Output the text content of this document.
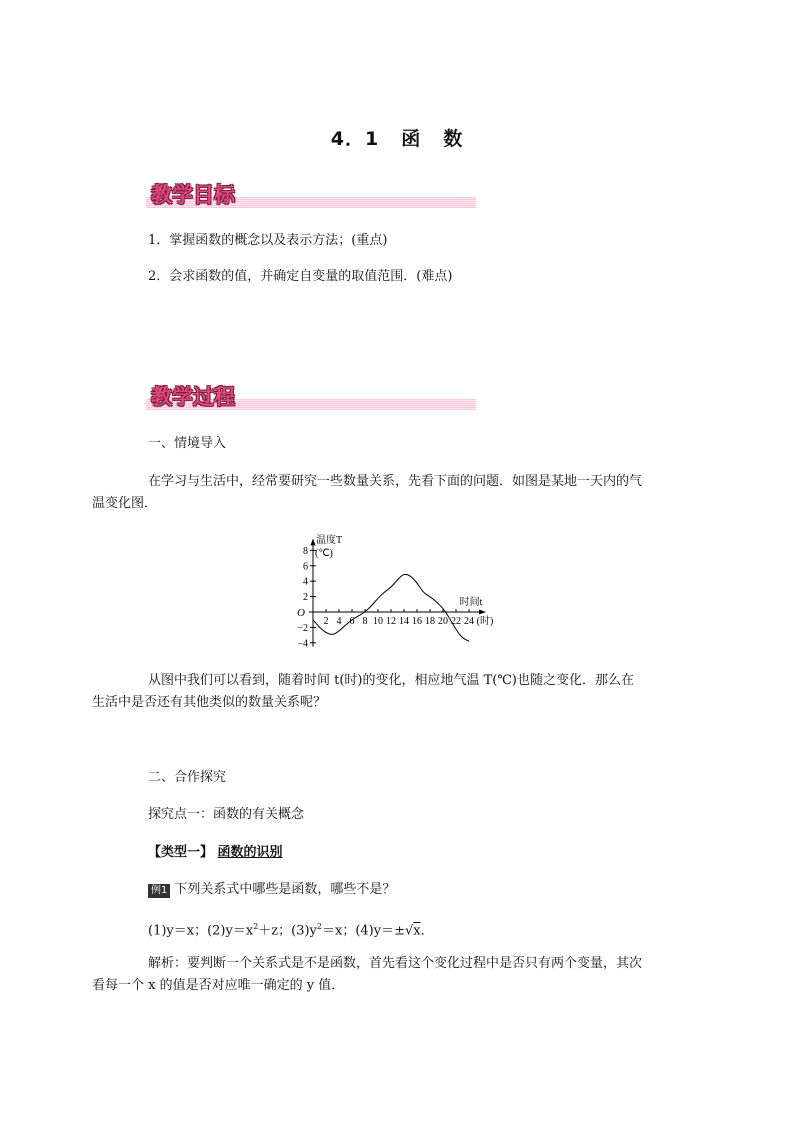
4．1 函 数
教学目标
1．掌握函数的概念以及表示方法；(重点)
2．会求函数的值，并确定自变量的取值范围．(难点)
教学过程
一、情境导入
在学习与生活中，经常要研究一些数量关系，先看下面的问题．如图是某地一天内的气
温变化图．
−4
−2
2
4
6
8
2 4 6 8 10 12 14 16 18 20 22 24
O
温度T
(℃)
时间t
(时)
从图中我们可以看到，随着时间 t(时)的变化，相应地气温 T(℃)也随之变化．那么在
生活中是否还有其他类似的数量关系呢？
二、合作探究
探究点一：函数的有关概念
【类型一】 函数的识别
例1 下列关系式中哪些是函数，哪些不是？
(1)y＝x；$(2)y=x^2+z$；$(3)y^2=x$；(4)y＝±√x．
解析：要判断一个关系式是不是函数，首先看这个变化过程中是否只有两个变量，其次
看每一个 x 的值是否对应唯一确定的 y 值．
